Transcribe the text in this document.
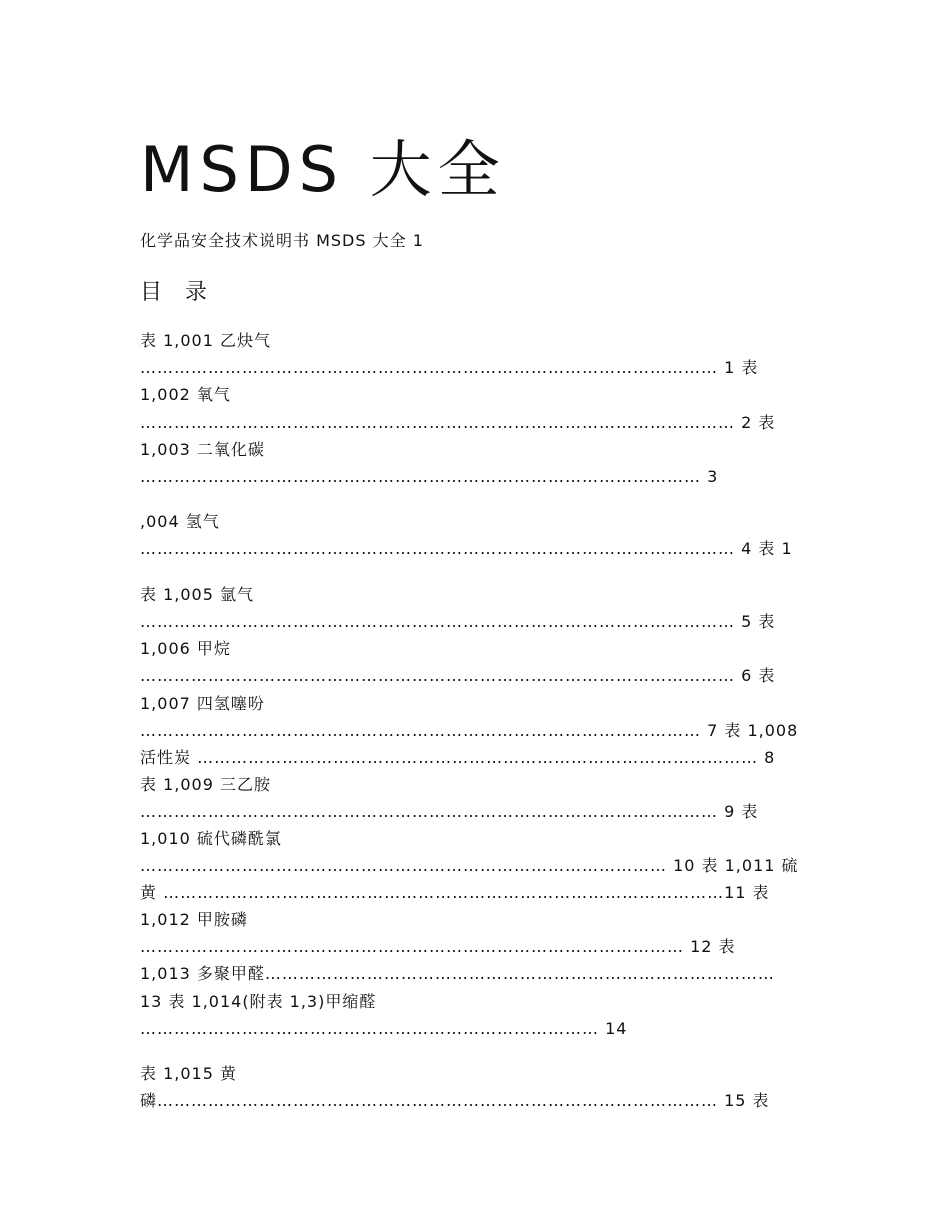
MSDS 大全
化学品安全技术说明书 MSDS 大全 1
目 录
表 1,001 乙炔气
………………………………………………………………………………………… 1 表
1,002 氧气
…………………………………………………………………………………………… 2 表
1,003 二氧化碳
……………………………………………………………………………………… 3
,004 氢气
…………………………………………………………………………………………… 4 表 1
表 1,005 氩气
…………………………………………………………………………………………… 5 表
1,006 甲烷
…………………………………………………………………………………………… 6 表
1,007 四氢噻吩
……………………………………………………………………………………… 7 表 1,008
活性炭 ……………………………………………………………………………………… 8
表 1,009 三乙胺
………………………………………………………………………………………… 9 表
1,010 硫代磷酰氯
………………………………………………………………………………… 10 表 1,011 硫
黄 ………………………………………………………………………………………11 表
1,012 甲胺磷
…………………………………………………………………………………… 12 表
1,013 多聚甲醛………………………………………………………………………………
13 表 1,014(附表 1,3)甲缩醛
……………………………………………………………………… 14
表 1,015 黄
磷……………………………………………………………………………………… 15 表
